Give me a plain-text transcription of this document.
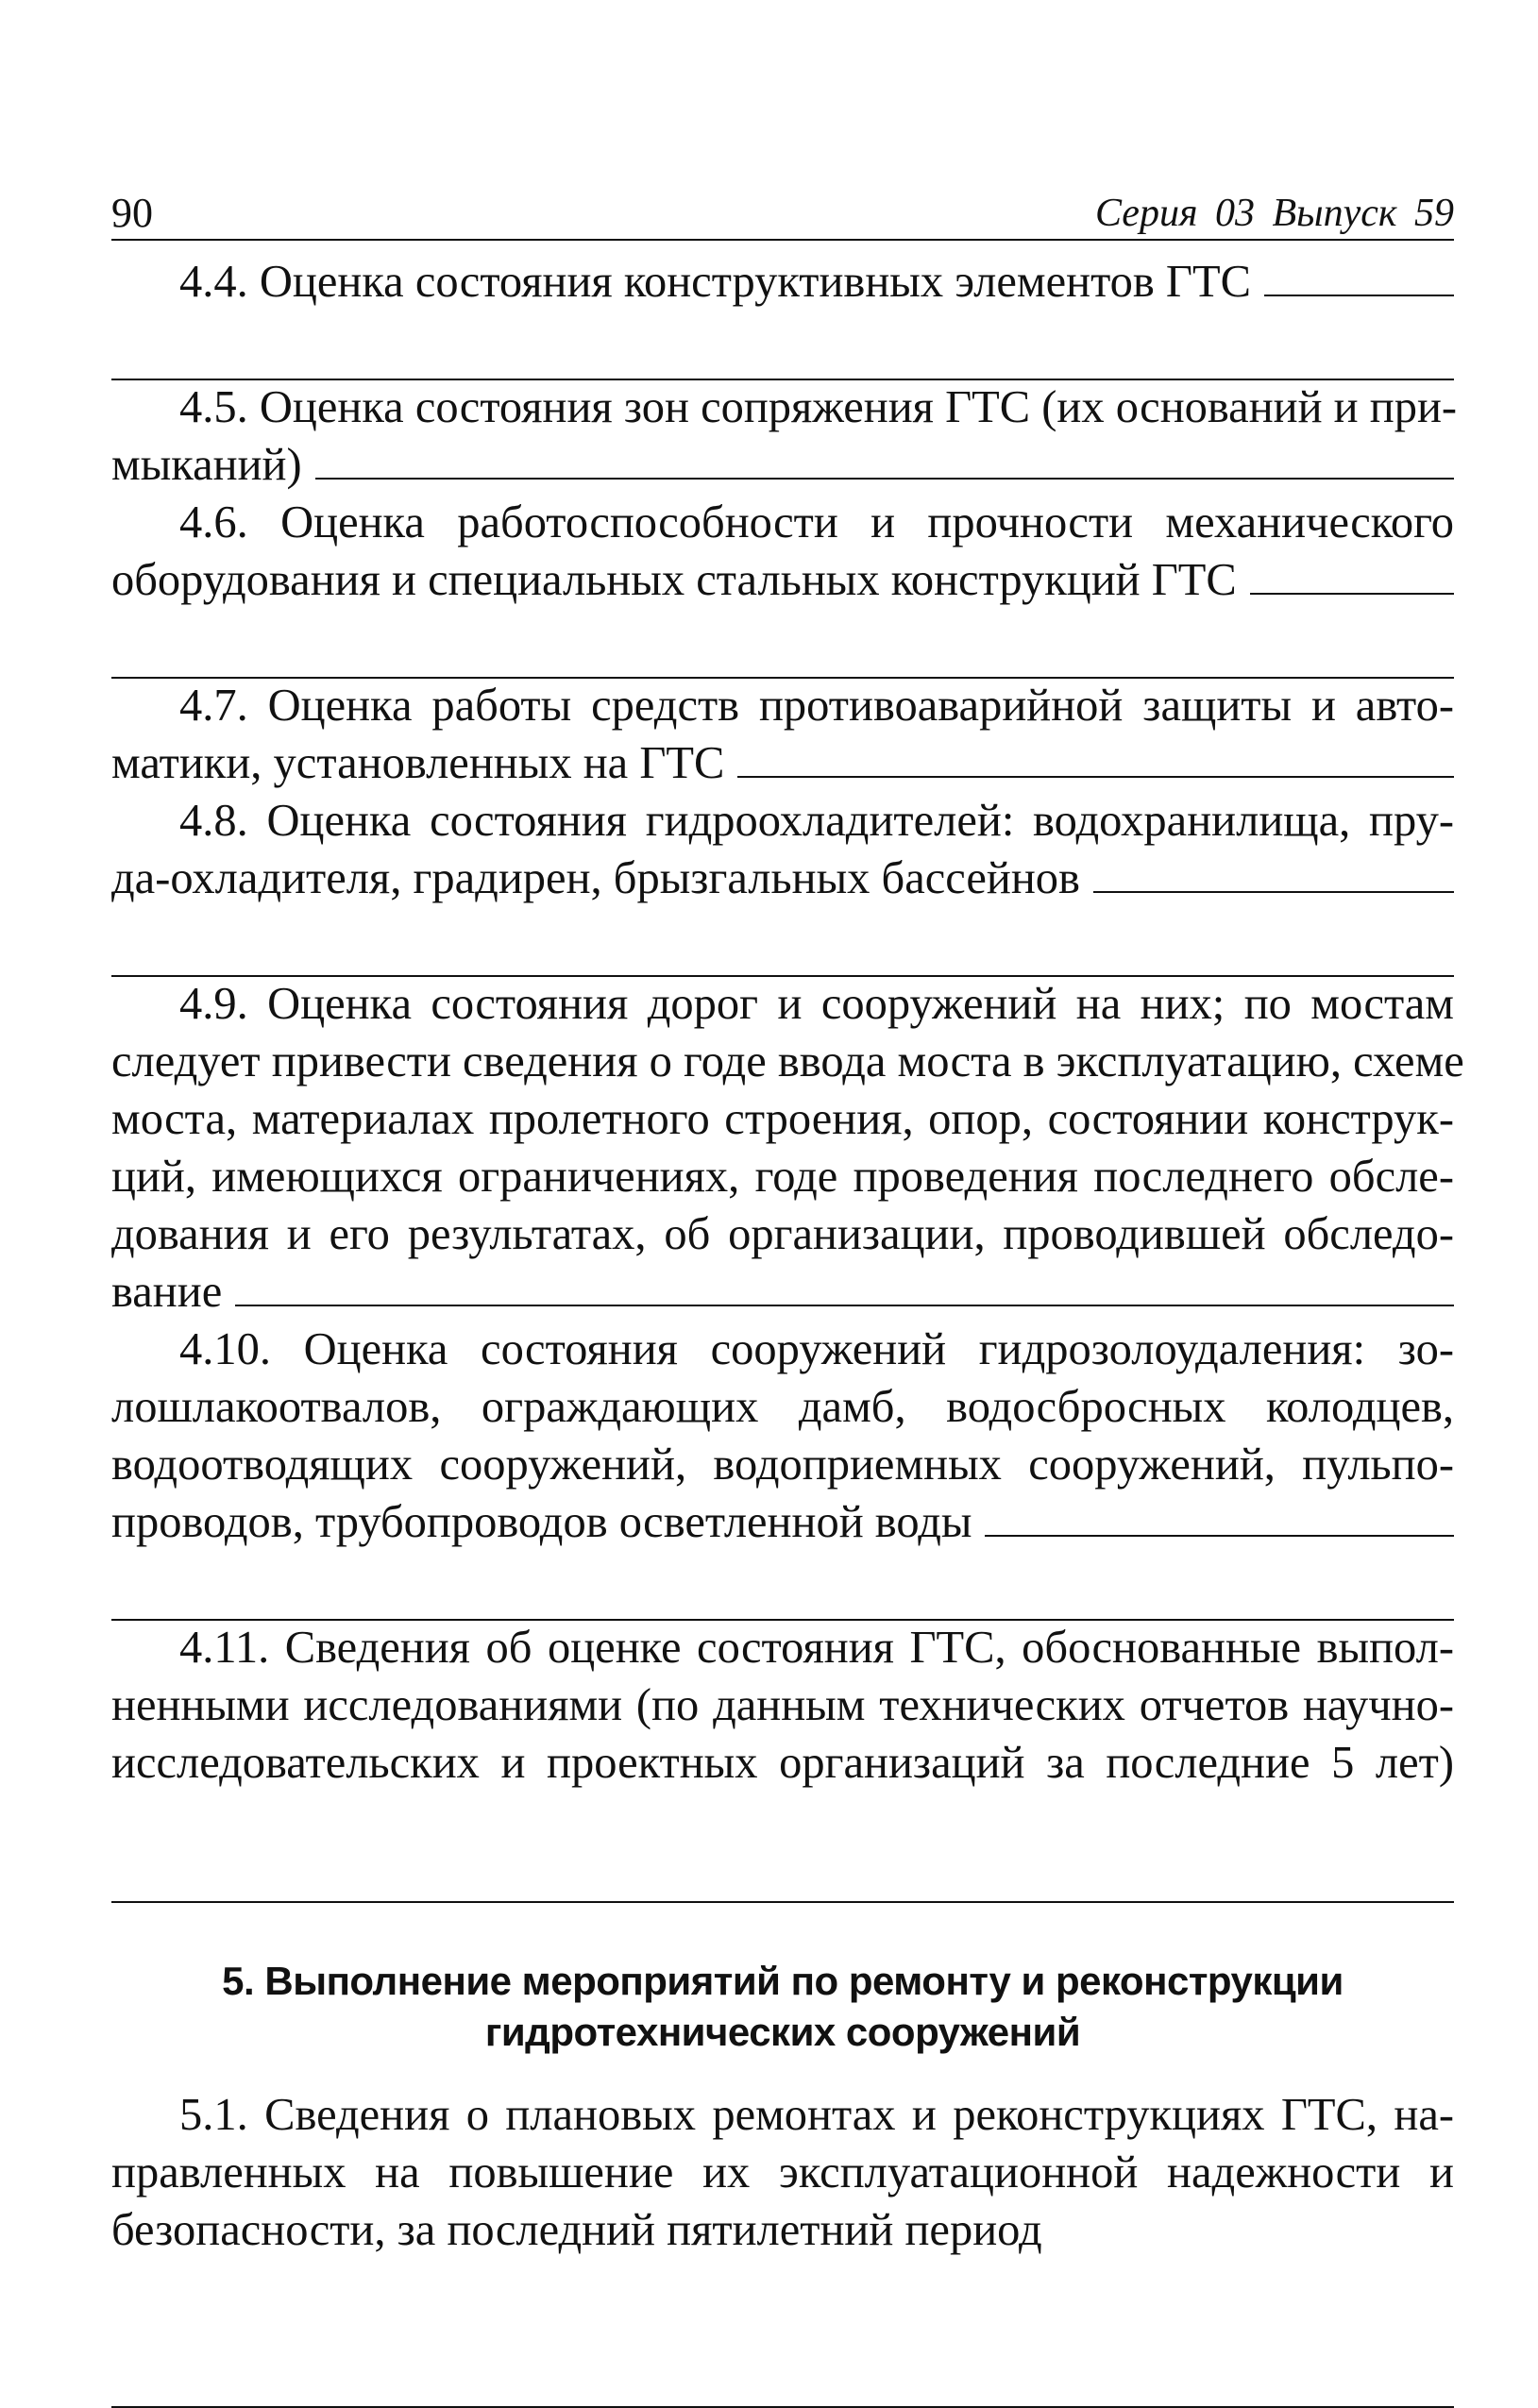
90	Серия 03 Выпуск 59
4.4. Оценка состояния конструктивных элементов ГТС
4.5. Оценка состояния зон сопряжения ГТС (их оснований и при-
мыканий)
4.6. Оценка работоспособности и прочности механического
оборудования и специальных стальных конструкций ГТС
4.7. Оценка работы средств противоаварийной защиты и авто-
матики, установленных на ГТС
4.8. Оценка состояния гидроохладителей: водохранилища, пру-
да-охладителя, градирен, брызгальных бассейнов
4.9. Оценка состояния дорог и сооружений на них; по мостам
следует привести сведения о годе ввода моста в эксплуатацию, схеме
моста, материалах пролетного строения, опор, состоянии конструк-
ций, имеющихся ограничениях, годе проведения последнего обсле-
дования и его результатах, об организации, проводившей обследо-
вание
4.10. Оценка состояния сооружений гидрозолоудаления: зо-
лошлакоотвалов, ограждающих дамб, водосбросных колодцев,
водоотводящих сооружений, водоприемных сооружений, пульпо-
проводов, трубопроводов осветленной воды
4.11. Сведения об оценке состояния ГТС, обоснованные выпол-
ненными исследованиями (по данным технических отчетов научно-
исследовательских и проектных организаций за последние 5 лет)
5. Выполнение мероприятий по ремонту и реконструкции
гидротехнических сооружений
5.1. Сведения о плановых ремонтах и реконструкциях ГТС, на-
правленных на повышение их эксплуатационной надежности и
безопасности, за последний пятилетний период
